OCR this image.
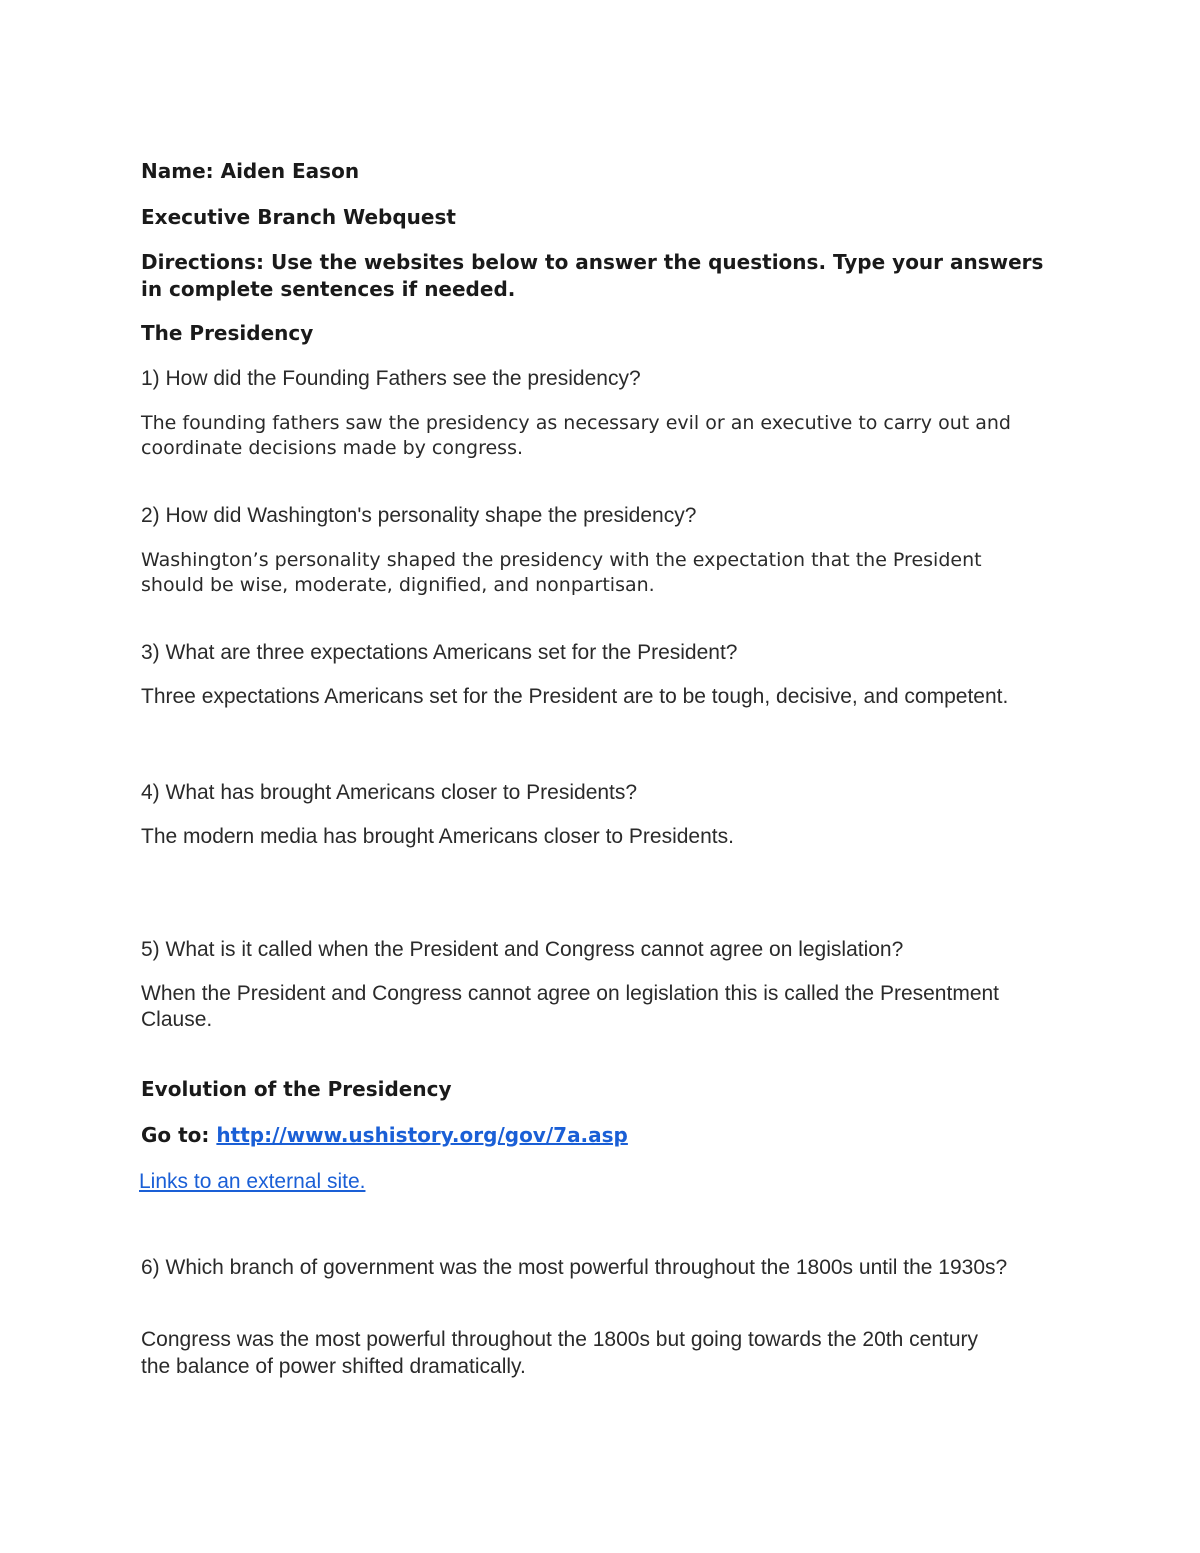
Name: Aiden Eason

Executive Branch Webquest

Directions: Use the websites below to answer the questions. Type your answers in complete sentences if needed.

The Presidency

1) How did the Founding Fathers see the presidency?

The founding fathers saw the presidency as necessary evil or an executive to carry out and coordinate decisions made by congress.

2) How did Washington's personality shape the presidency?

Washington’s personality shaped the presidency with the expectation that the President should be wise, moderate, dignified, and nonpartisan.

3) What are three expectations Americans set for the President?

Three expectations Americans set for the President are to be tough, decisive, and competent.

4) What has brought Americans closer to Presidents?

The modern media has brought Americans closer to Presidents.

5) What is it called when the President and Congress cannot agree on legislation?

When the President and Congress cannot agree on legislation this is called the Presentment Clause.

Evolution of the Presidency

Go to: http://www.ushistory.org/gov/7a.asp

Links to an external site.

6) Which branch of government was the most powerful throughout the 1800s until the 1930s?

Congress was the most powerful throughout the 1800s but going towards the 20th century the balance of power shifted dramatically.
